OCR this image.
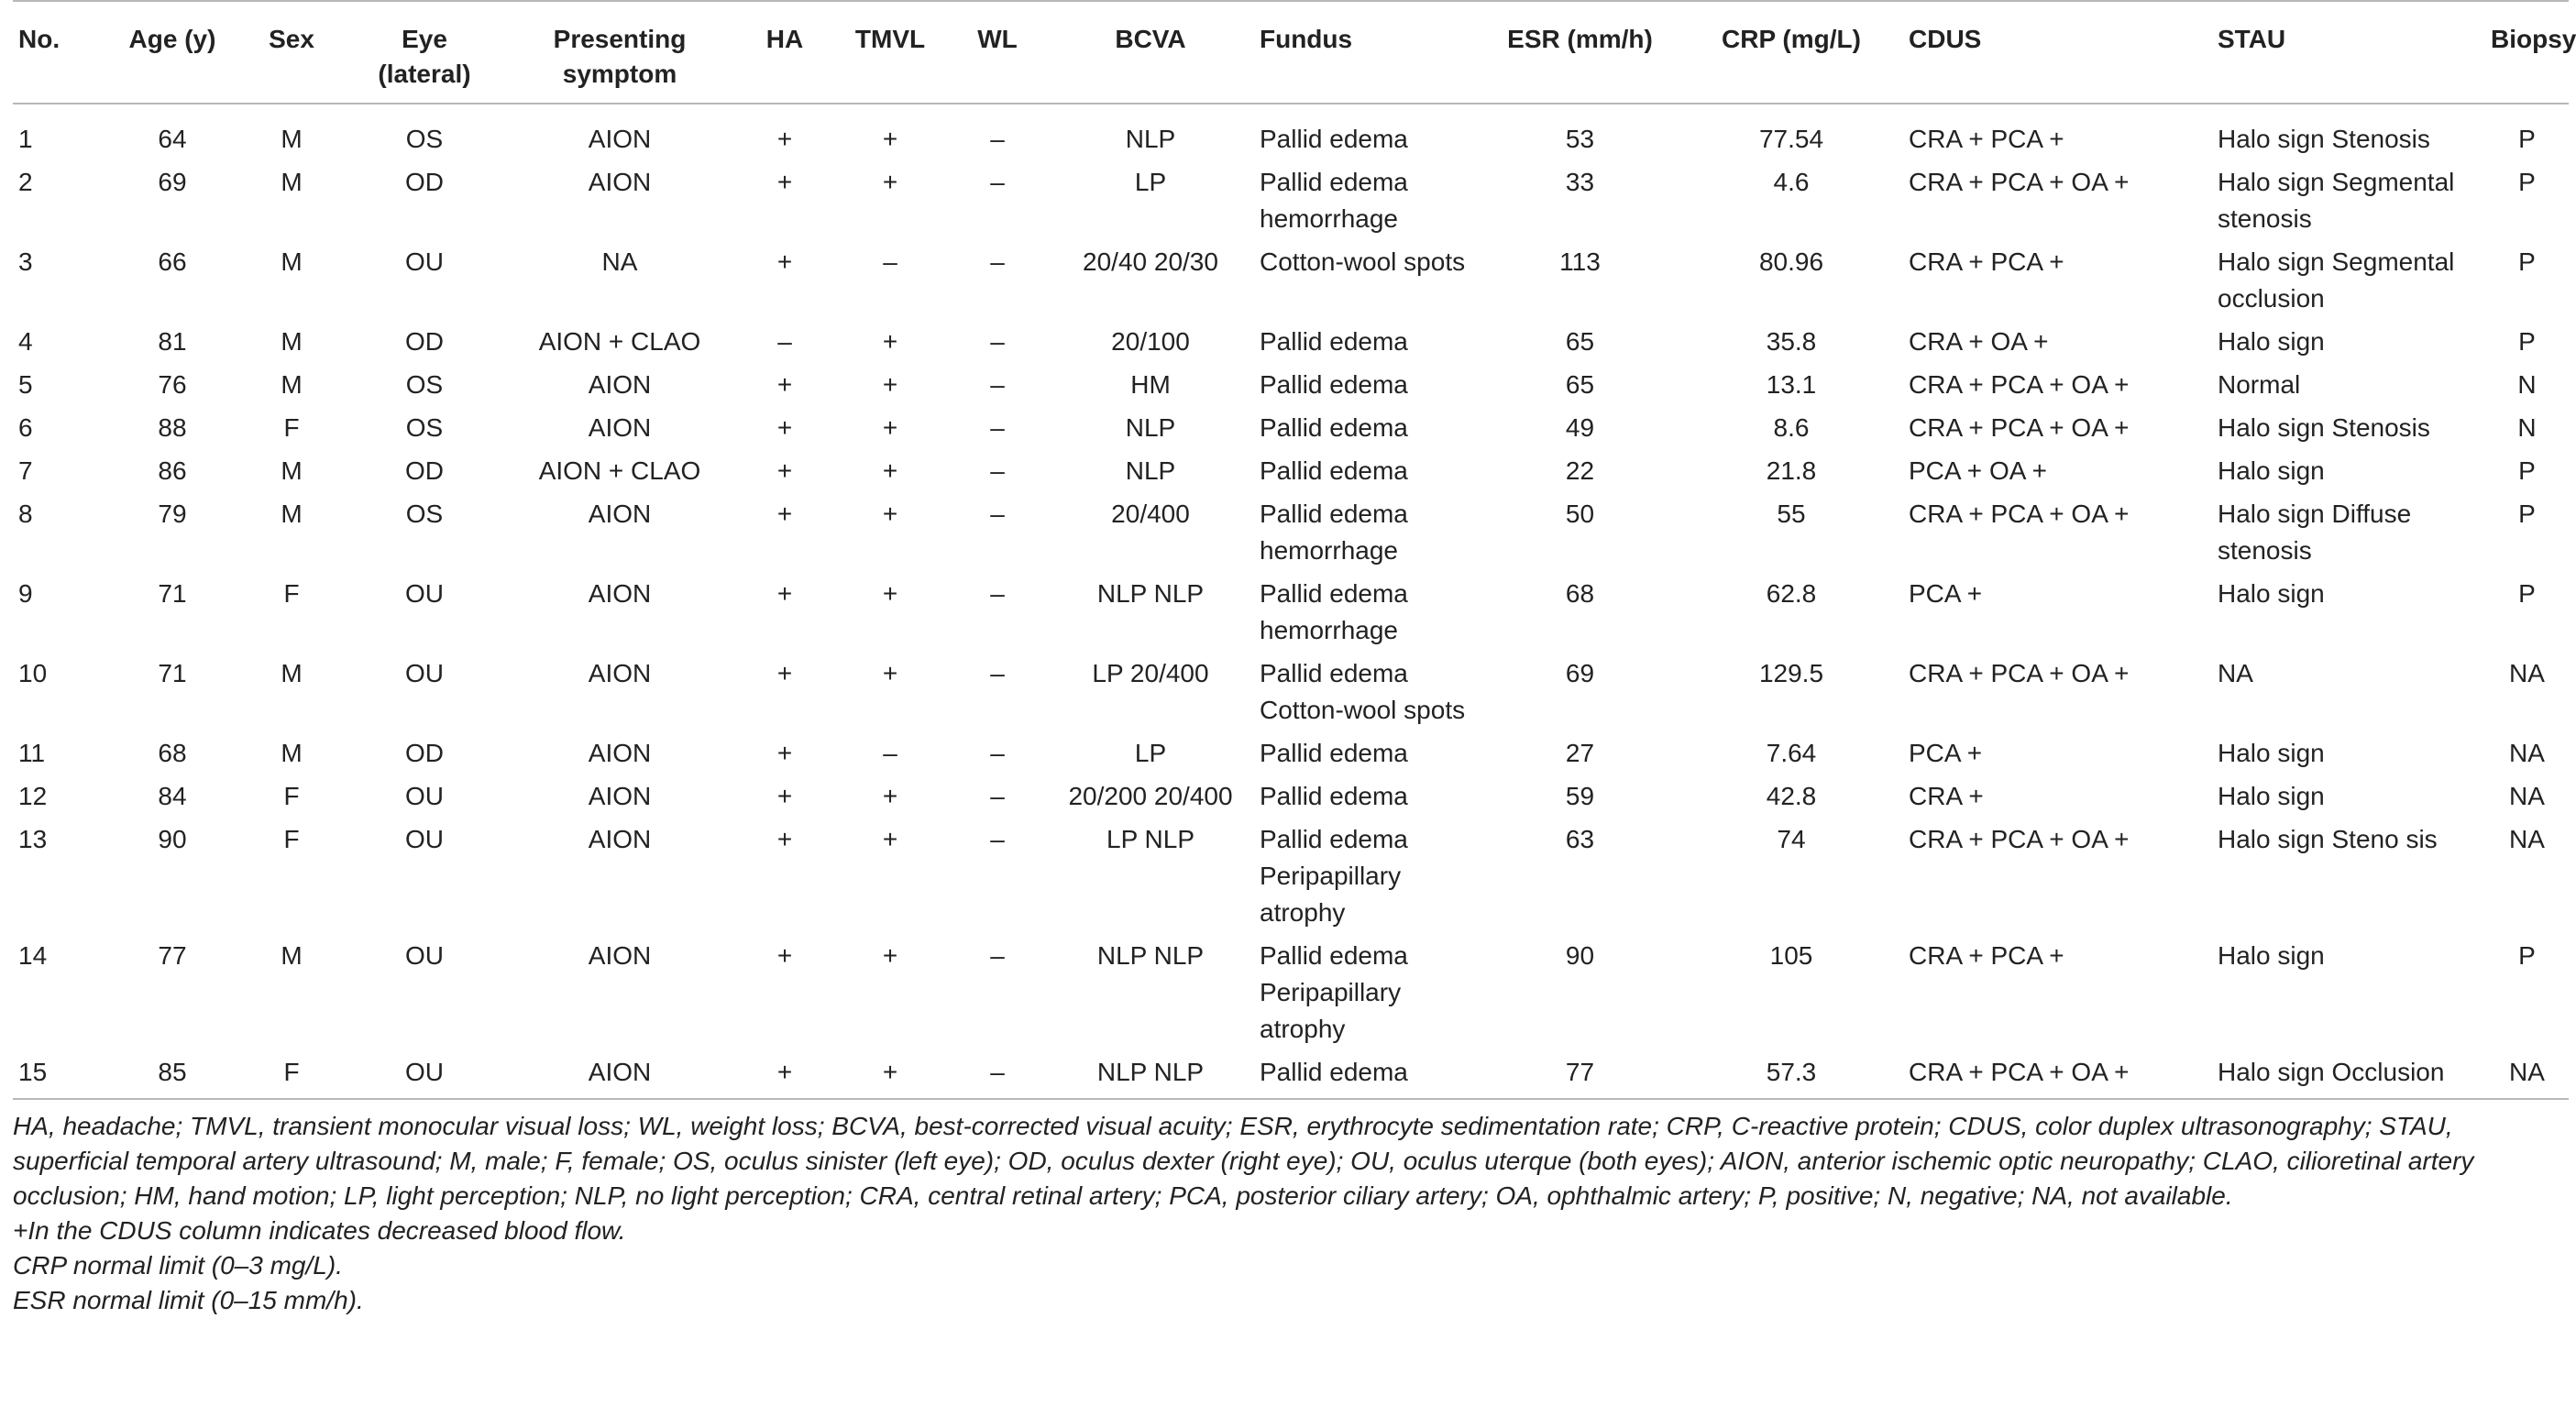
No.	Age (y)	Sex	Eye (lateral)	Presenting symptom	HA	TMVL	WL	BCVA	Fundus	ESR (mm/h)	CRP (mg/L)	CDUS	STAU	Biopsy
1	64	M	OS	AION	+	+	–	NLP	Pallid edema	53	77.54	CRA + PCA +	Halo sign Stenosis	P
2	69	M	OD	AION	+	+	–	LP	Pallid edema hemorrhage	33	4.6	CRA + PCA + OA +	Halo sign Segmental stenosis	P
3	66	M	OU	NA	+	–	–	20/40 20/30	Cotton-wool spots	113	80.96	CRA + PCA +	Halo sign Segmental occlusion	P
4	81	M	OD	AION + CLAO	–	+	–	20/100	Pallid edema	65	35.8	CRA + OA +	Halo sign	P
5	76	M	OS	AION	+	+	–	HM	Pallid edema	65	13.1	CRA + PCA + OA +	Normal	N
6	88	F	OS	AION	+	+	–	NLP	Pallid edema	49	8.6	CRA + PCA + OA +	Halo sign Stenosis	N
7	86	M	OD	AION + CLAO	+	+	–	NLP	Pallid edema	22	21.8	PCA + OA +	Halo sign	P
8	79	M	OS	AION	+	+	–	20/400	Pallid edema hemorrhage	50	55	CRA + PCA + OA +	Halo sign Diffuse stenosis	P
9	71	F	OU	AION	+	+	–	NLP NLP	Pallid edema hemorrhage	68	62.8	PCA +	Halo sign	P
10	71	M	OU	AION	+	+	–	LP 20/400	Pallid edema Cotton-wool spots	69	129.5	CRA + PCA + OA +	NA	NA
11	68	M	OD	AION	+	–	–	LP	Pallid edema	27	7.64	PCA +	Halo sign	NA
12	84	F	OU	AION	+	+	–	20/200 20/400	Pallid edema	59	42.8	CRA +	Halo sign	NA
13	90	F	OU	AION	+	+	–	LP NLP	Pallid edema Peripapillary atrophy	63	74	CRA + PCA + OA +	Halo sign Steno sis	NA
14	77	M	OU	AION	+	+	–	NLP NLP	Pallid edema Peripapillary atrophy	90	105	CRA + PCA +	Halo sign	P
15	85	F	OU	AION	+	+	–	NLP NLP	Pallid edema	77	57.3	CRA + PCA + OA +	Halo sign Occlusion	NA

HA, headache; TMVL, transient monocular visual loss; WL, weight loss; BCVA, best-corrected visual acuity; ESR, erythrocyte sedimentation rate; CRP, C-reactive protein; CDUS, color duplex ultrasonography; STAU, superficial temporal artery ultrasound; M, male; F, female; OS, oculus sinister (left eye); OD, oculus dexter (right eye); OU, oculus uterque (both eyes); AION, anterior ischemic optic neuropathy; CLAO, cilioretinal artery occlusion; HM, hand motion; LP, light perception; NLP, no light perception; CRA, central retinal artery; PCA, posterior ciliary artery; OA, ophthalmic artery; P, positive; N, negative; NA, not available.

+In the CDUS column indicates decreased blood flow.

CRP normal limit (0–3 mg/L).

ESR normal limit (0–15 mm/h).
